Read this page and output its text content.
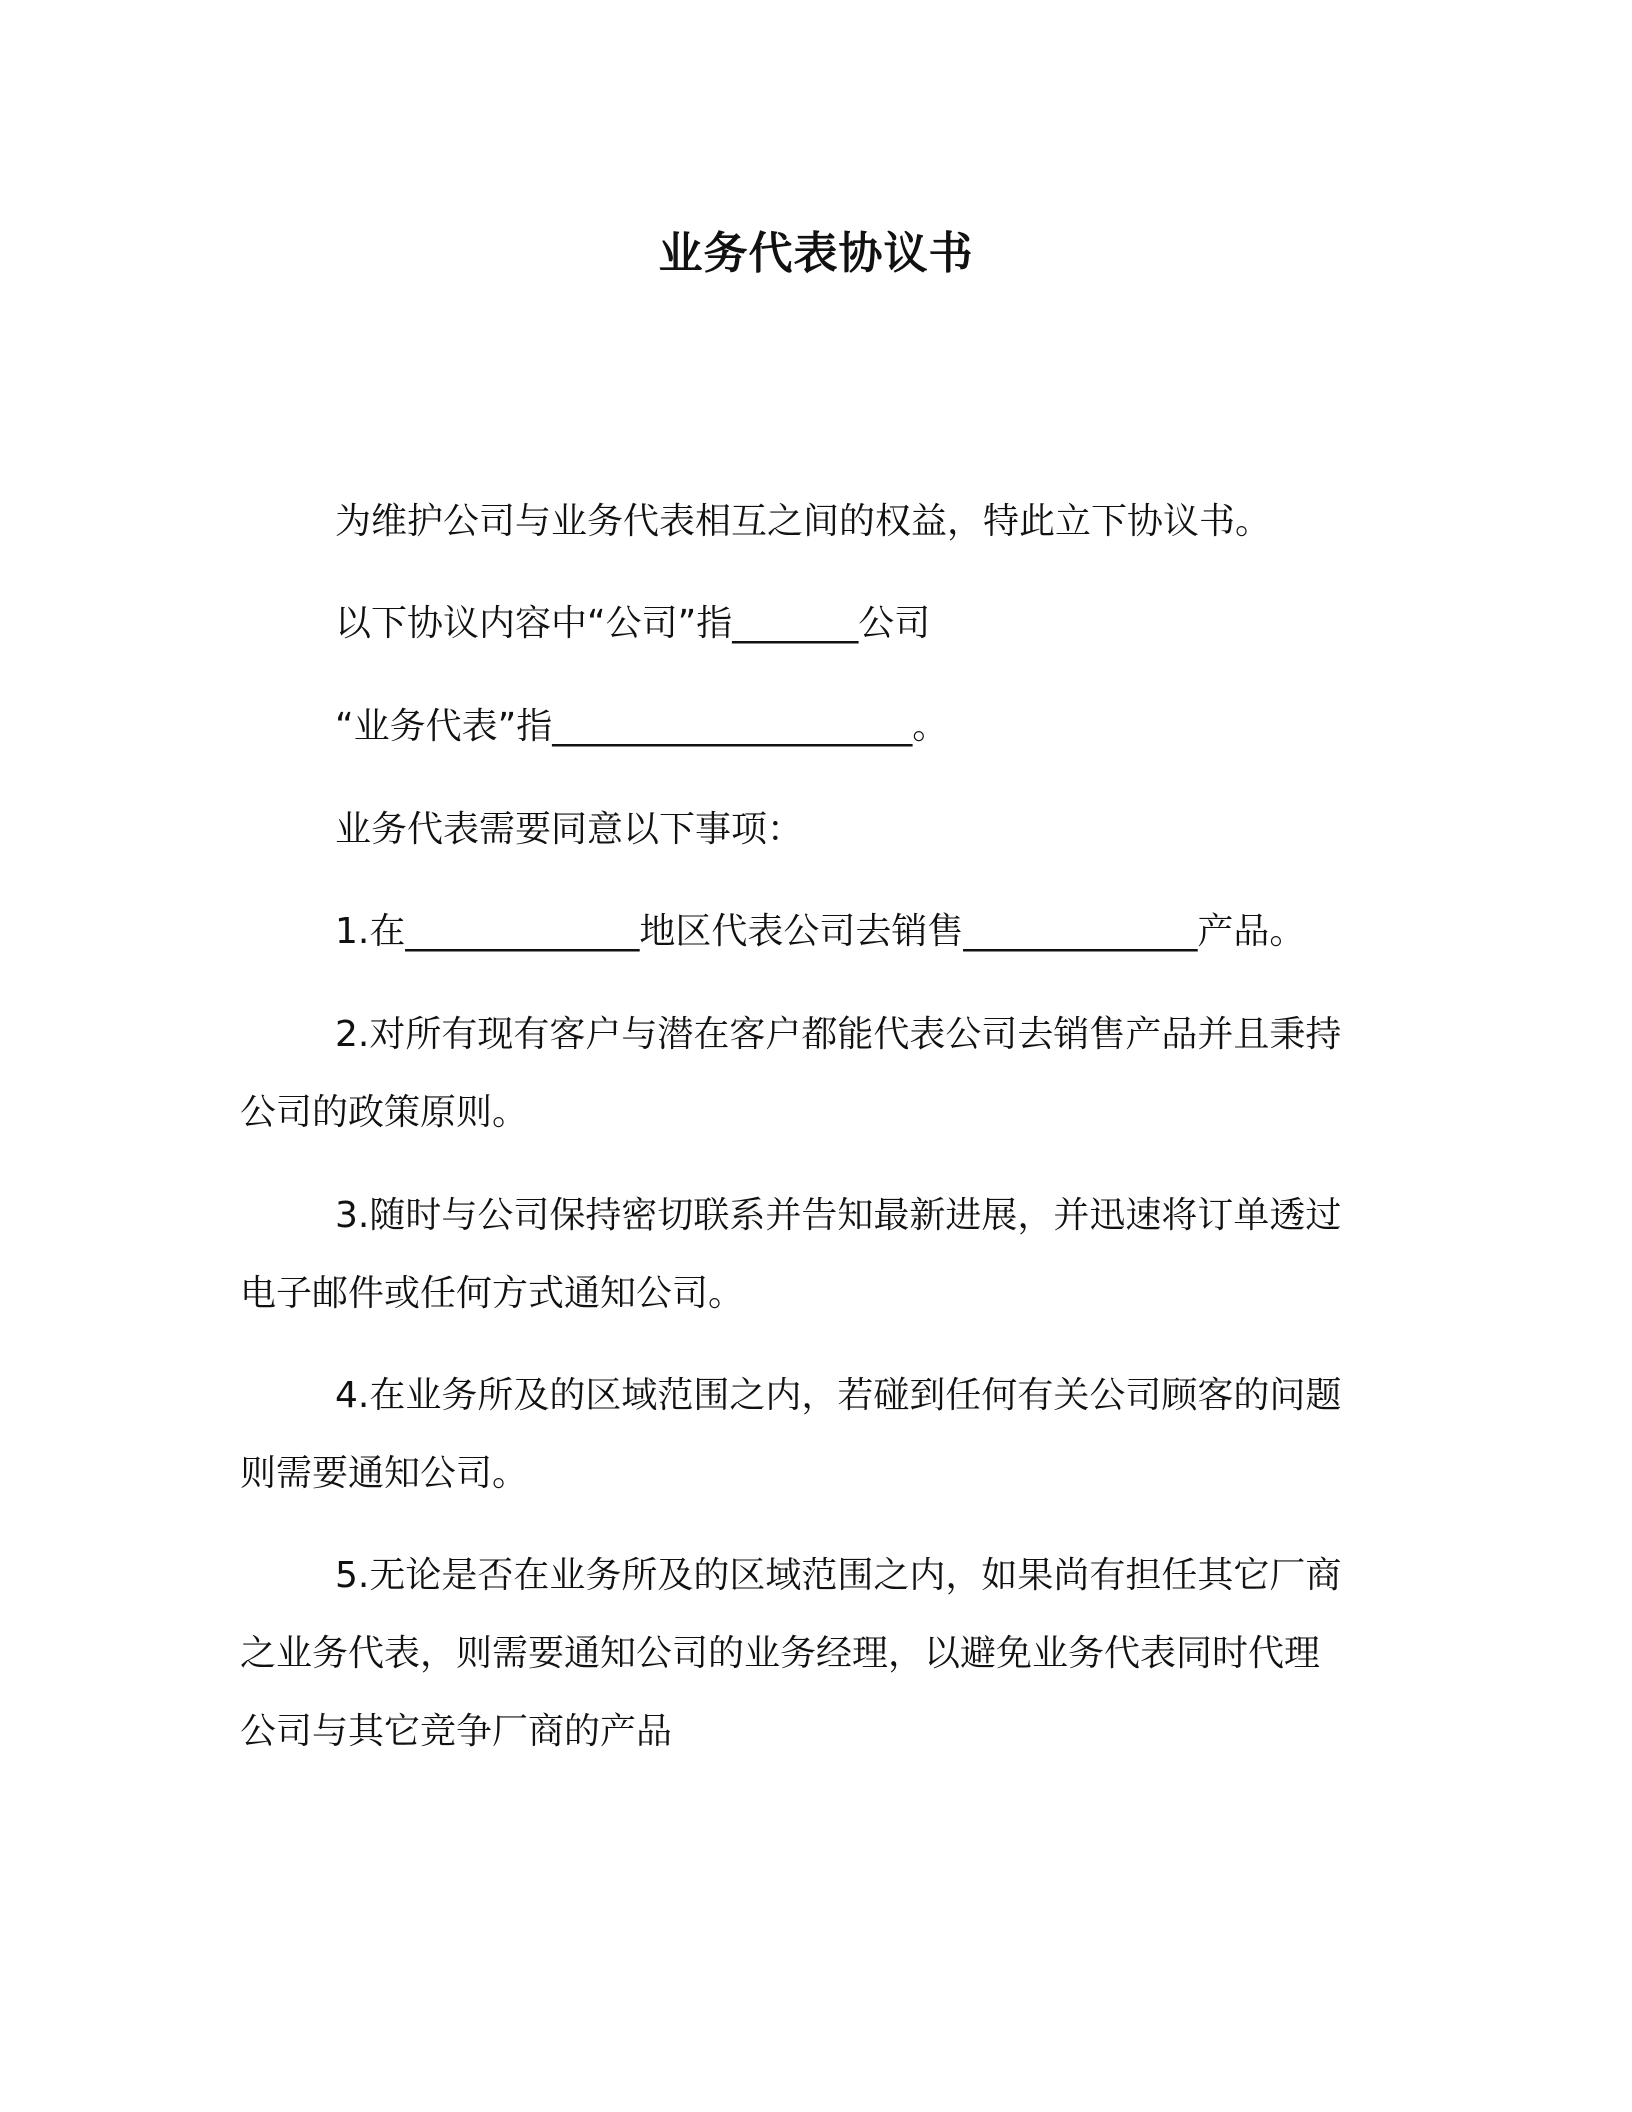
业务代表协议书
为维护公司与业务代表相互之间的权益，特此立下协议书。
以下协议内容中“公司”指_______公司
“业务代表”指____________________。
业务代表需要同意以下事项：
1.在_____________地区代表公司去销售_____________产品。
2.对所有现有客户与潜在客户都能代表公司去销售产品并且秉持
公司的政策原则。
3.随时与公司保持密切联系并告知最新进展，并迅速将订单透过
电子邮件或任何方式通知公司。
4.在业务所及的区域范围之内，若碰到任何有关公司顾客的问题
则需要通知公司。
5.无论是否在业务所及的区域范围之内，如果尚有担任其它厂商
之业务代表，则需要通知公司的业务经理，以避免业务代表同时代理
公司与其它竞争厂商的产品
